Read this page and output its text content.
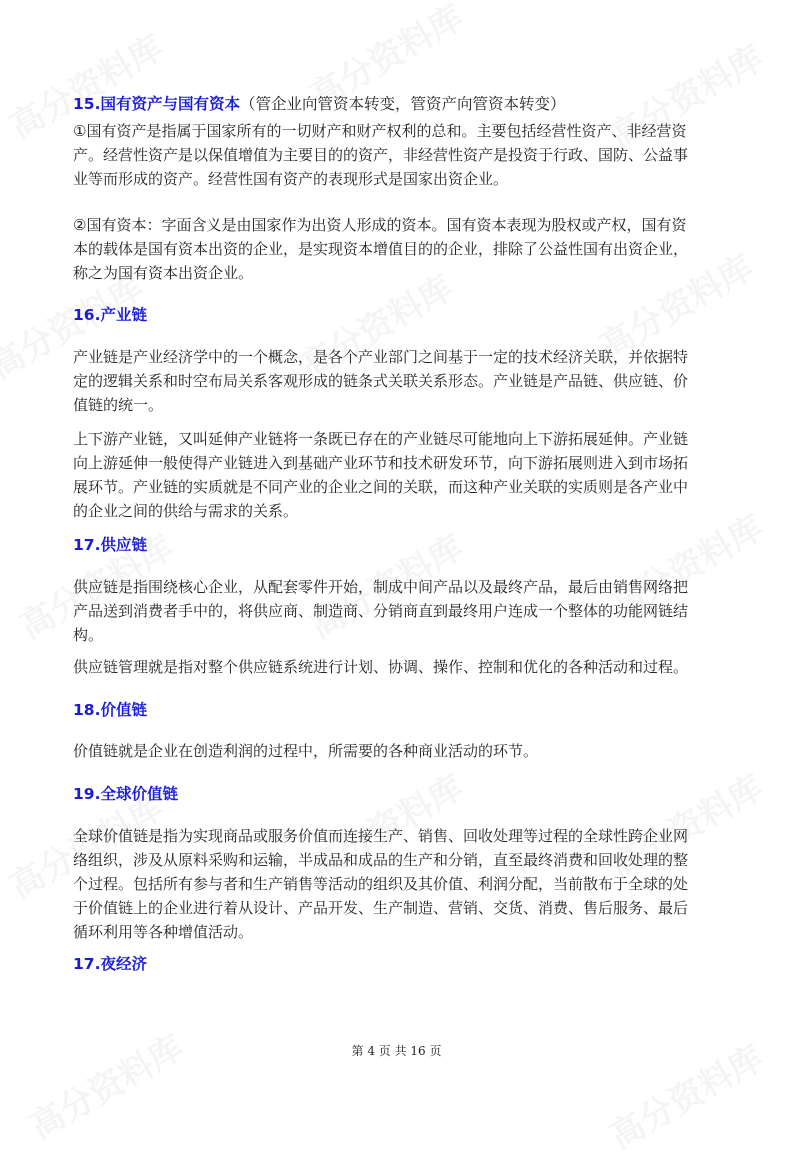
15.国有资产与国有资本（管企业向管资本转变，管资产向管资本转变）
①国有资产是指属于国家所有的一切财产和财产权利的总和。主要包括经营性资产、非经营资
产。经营性资产是以保值增值为主要目的的资产，非经营性资产是投资于行政、国防、公益事
业等而形成的资产。经营性国有资产的表现形式是国家出资企业。
②国有资本：字面含义是由国家作为出资人形成的资本。国有资本表现为股权或产权，国有资
本的载体是国有资本出资的企业，是实现资本增值目的的企业，排除了公益性国有出资企业，
称之为国有资本出资企业。
16.产业链
产业链是产业经济学中的一个概念，是各个产业部门之间基于一定的技术经济关联，并依据特
定的逻辑关系和时空布局关系客观形成的链条式关联关系形态。产业链是产品链、供应链、价
值链的统一。
上下游产业链，又叫延伸产业链将一条既已存在的产业链尽可能地向上下游拓展延伸。产业链
向上游延伸一般使得产业链进入到基础产业环节和技术研发环节，向下游拓展则进入到市场拓
展环节。产业链的实质就是不同产业的企业之间的关联，而这种产业关联的实质则是各产业中
的企业之间的供给与需求的关系。
17.供应链
供应链是指围绕核心企业，从配套零件开始，制成中间产品以及最终产品，最后由销售网络把
产品送到消费者手中的，将供应商、制造商、分销商直到最终用户连成一个整体的功能网链结
构。
供应链管理就是指对整个供应链系统进行计划、协调、操作、控制和优化的各种活动和过程。
18.价值链
价值链就是企业在创造利润的过程中，所需要的各种商业活动的环节。
19.全球价值链
全球价值链是指为实现商品或服务价值而连接生产、销售、回收处理等过程的全球性跨企业网
络组织，涉及从原料采购和运输，半成品和成品的生产和分销，直至最终消费和回收处理的整
个过程。包括所有参与者和生产销售等活动的组织及其价值、利润分配，当前散布于全球的处
于价值链上的企业进行着从设计、产品开发、生产制造、营销、交货、消费、售后服务、最后
循环利用等各种增值活动。
17.夜经济
第 4 页 共 16 页
